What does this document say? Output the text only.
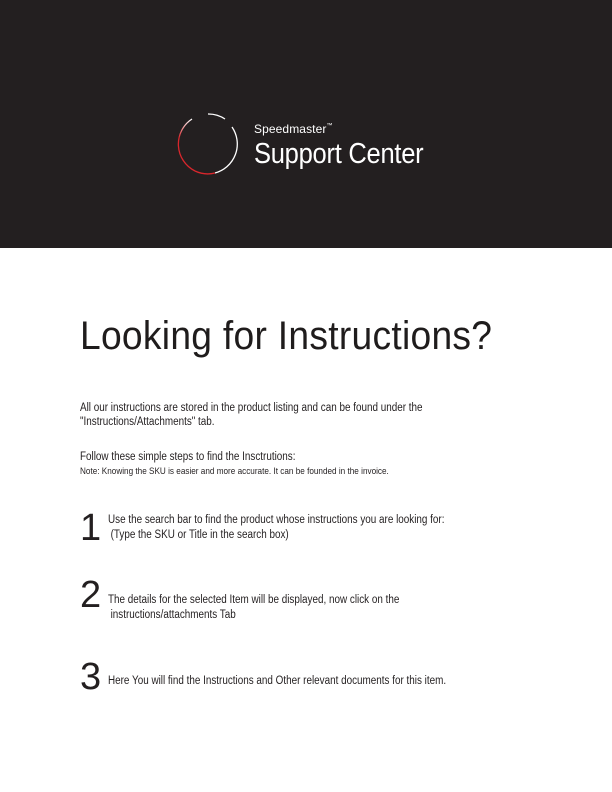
Speedmaster™
Support Center
Looking for Instructions?
All our instructions are stored in the product listing and can be found under the
"Instructions/Attachments" tab.
Follow these simple steps to find the Insctrutions:
Note: Knowing the SKU is easier and more accurate. It can be founded in the invoice.
1 Use the search bar to find the product whose instructions you are looking for:
(Type the SKU or Title in the search box)
2 The details for the selected Item will be displayed, now click on the
instructions/attachments Tab
3 Here You will find the Instructions and Other relevant documents for this item.
